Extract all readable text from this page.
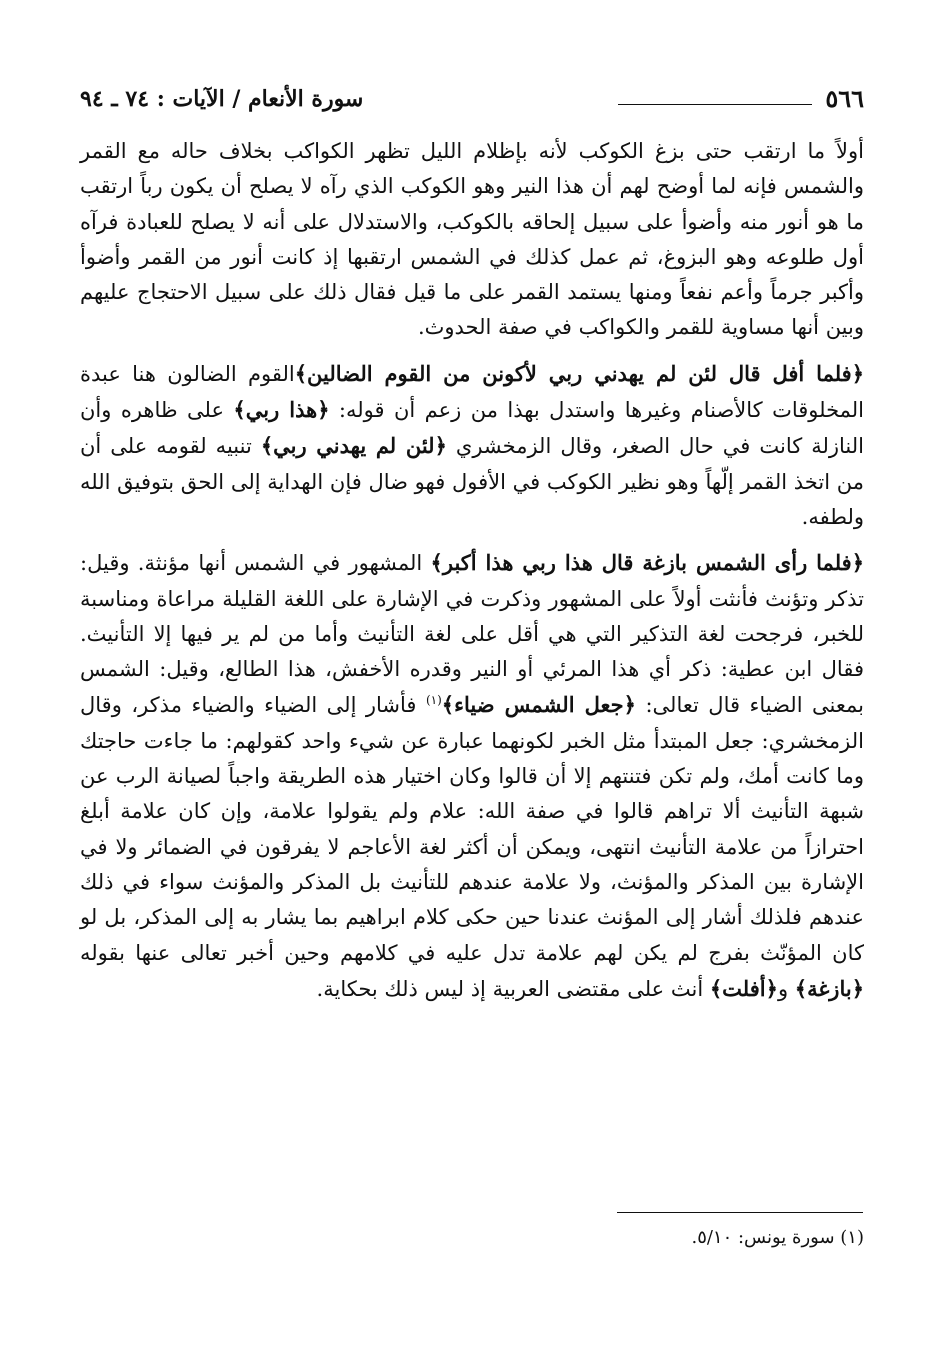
٥٦٦
سورة الأنعام / الآيات : ٧٤ ـ ٩٤

أولاً ما ارتقب حتى بزغ الكوكب لأنه بإظلام الليل تظهر الكواكب بخلاف حاله مع القمر والشمس فإنه لما أوضح لهم أن هذا النير وهو الكوكب الذي رآه لا يصلح أن يكون رباً ارتقب ما هو أنور منه وأضوأ على سبيل إلحاقه بالكوكب، والاستدلال على أنه لا يصلح للعبادة فرآه أول طلوعه وهو البزوغ، ثم عمل كذلك في الشمس ارتقبها إذ كانت أنور من القمر وأضوأ وأكبر جرماً وأعم نفعاً ومنها يستمد القمر على ما قيل فقال ذلك على سبيل الاحتجاج عليهم وبين أنها مساوية للقمر والكواكب في صفة الحدوث.

﴿فلما أفل قال لئن لم يهدني ربي لأكونن من القوم الضالين﴾القوم الضالون هنا عبدة المخلوقات كالأصنام وغيرها واستدل بهذا من زعم أن قوله: ﴿هذا ربي﴾ على ظاهره وأن النازلة كانت في حال الصغر، وقال الزمخشري ﴿لئن لم يهدني ربي﴾ تنبيه لقومه على أن من اتخذ القمر إلّهاً وهو نظير الكوكب في الأفول فهو ضال فإن الهداية إلى الحق بتوفيق الله ولطفه.

﴿فلما رأى الشمس بازغة قال هذا ربي هذا أكبر﴾ المشهور في الشمس أنها مؤنثة. وقيل: تذكر وتؤنث فأنثت أولاً على المشهور وذكرت في الإشارة على اللغة القليلة مراعاة ومناسبة للخبر، فرجحت لغة التذكير التي هي أقل على لغة التأنيث وأما من لم ير فيها إلا التأنيث. فقال ابن عطية: ذكر أي هذا المرئي أو النير وقدره الأخفش، هذا الطالع، وقيل: الشمس بمعنى الضياء قال تعالى: ﴿جعل الشمس ضياء﴾$^{(١)}$ فأشار إلى الضياء والضياء مذكر، وقال الزمخشري: جعل المبتدأ مثل الخبر لكونهما عبارة عن شيء واحد كقولهم: ما جاءت حاجتك وما كانت أمك، ولم تكن فتنتهم إلا أن قالوا وكان اختيار هذه الطريقة واجباً لصيانة الرب عن شبهة التأنيث ألا تراهم قالوا في صفة الله: علام ولم يقولوا علامة، وإن كان علامة أبلغ احترازاً من علامة التأنيث انتهى، ويمكن أن أكثر لغة الأعاجم لا يفرقون في الضمائر ولا في الإشارة بين المذكر والمؤنث، ولا علامة عندهم للتأنيث بل المذكر والمؤنث سواء في ذلك عندهم فلذلك أشار إلى المؤنث عندنا حين حكى كلام ابراهيم بما يشار به إلى المذكر، بل لو كان المؤنّث بفرج لم يكن لهم علامة تدل عليه في كلامهم وحين أخبر تعالى عنها بقوله ﴿بازغة﴾ و﴿أفلت﴾ أنث على مقتضى العربية إذ ليس ذلك بحكاية.

(١) سورة يونس: ٥/١٠.
